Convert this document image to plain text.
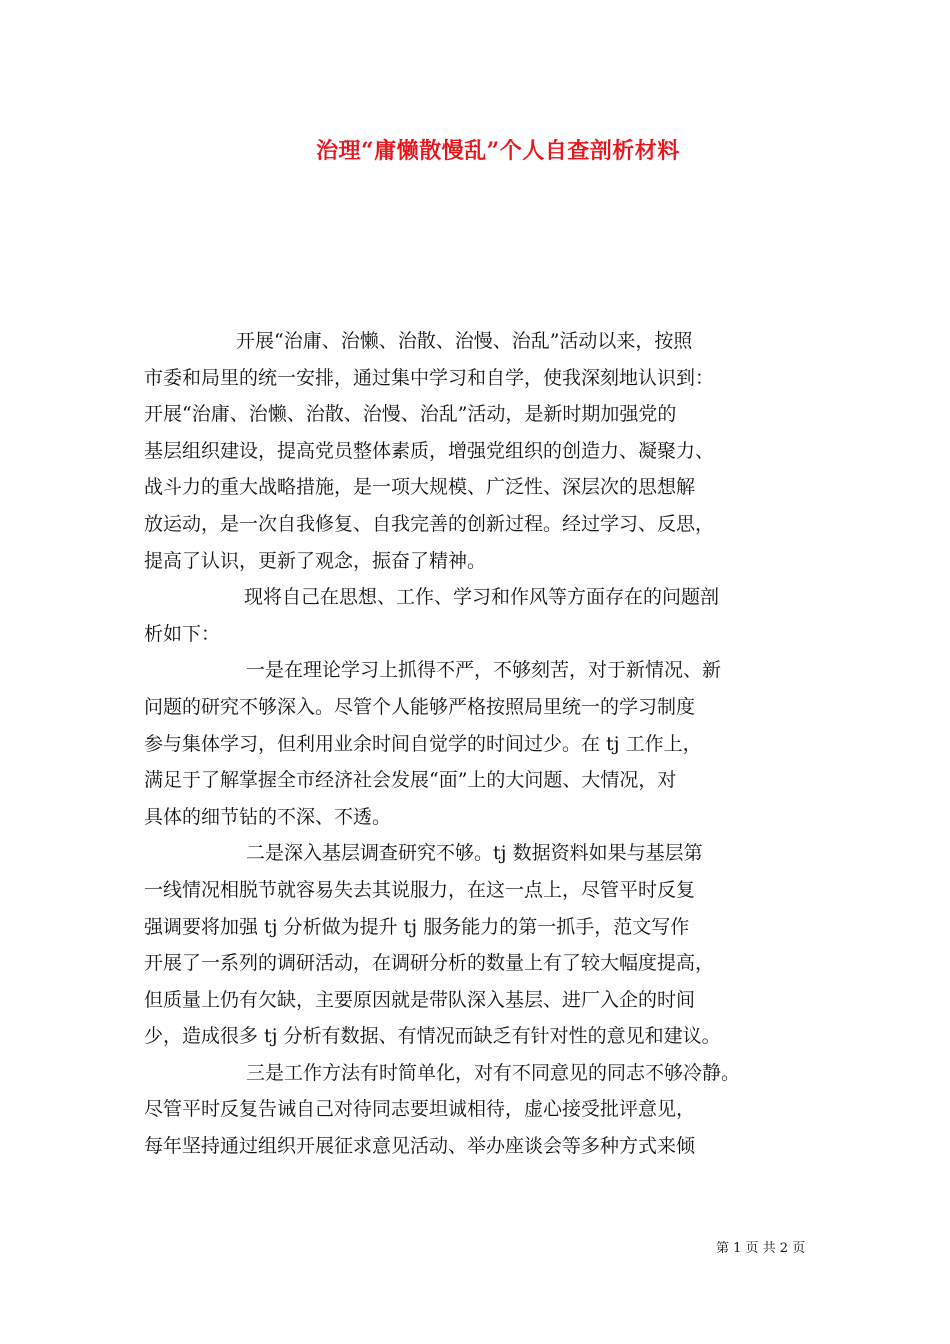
治理“庸懒散慢乱”个人自查剖析材料
开展“治庸、治懒、治散、治慢、治乱”活动以来，按照
市委和局里的统一安排，通过集中学习和自学，使我深刻地认识到：
开展“治庸、治懒、治散、治慢、治乱”活动，是新时期加强党的
基层组织建设，提高党员整体素质，增强党组织的创造力、凝聚力、
战斗力的重大战略措施，是一项大规模、广泛性、深层次的思想解
放运动，是一次自我修复、自我完善的创新过程。经过学习、反思，
提高了认识，更新了观念，振奋了精神。
现将自己在思想、工作、学习和作风等方面存在的问题剖
析如下：
一是在理论学习上抓得不严，不够刻苦，对于新情况、新
问题的研究不够深入。尽管个人能够严格按照局里统一的学习制度
参与集体学习，但利用业余时间自觉学的时间过少。在 tj 工作上，
满足于了解掌握全市经济社会发展“面”上的大问题、大情况，对
具体的细节钻的不深、不透。
二是深入基层调查研究不够。tj 数据资料如果与基层第
一线情况相脱节就容易失去其说服力，在这一点上，尽管平时反复
强调要将加强 tj 分析做为提升 tj 服务能力的第一抓手，范文写作
开展了一系列的调研活动，在调研分析的数量上有了较大幅度提高，
但质量上仍有欠缺，主要原因就是带队深入基层、进厂入企的时间
少，造成很多 tj 分析有数据、有情况而缺乏有针对性的意见和建议。
三是工作方法有时简单化，对有不同意见的同志不够冷静。
尽管平时反复告诫自己对待同志要坦诚相待，虚心接受批评意见，
每年坚持通过组织开展征求意见活动、举办座谈会等多种方式来倾
第 1 页 共 2 页
